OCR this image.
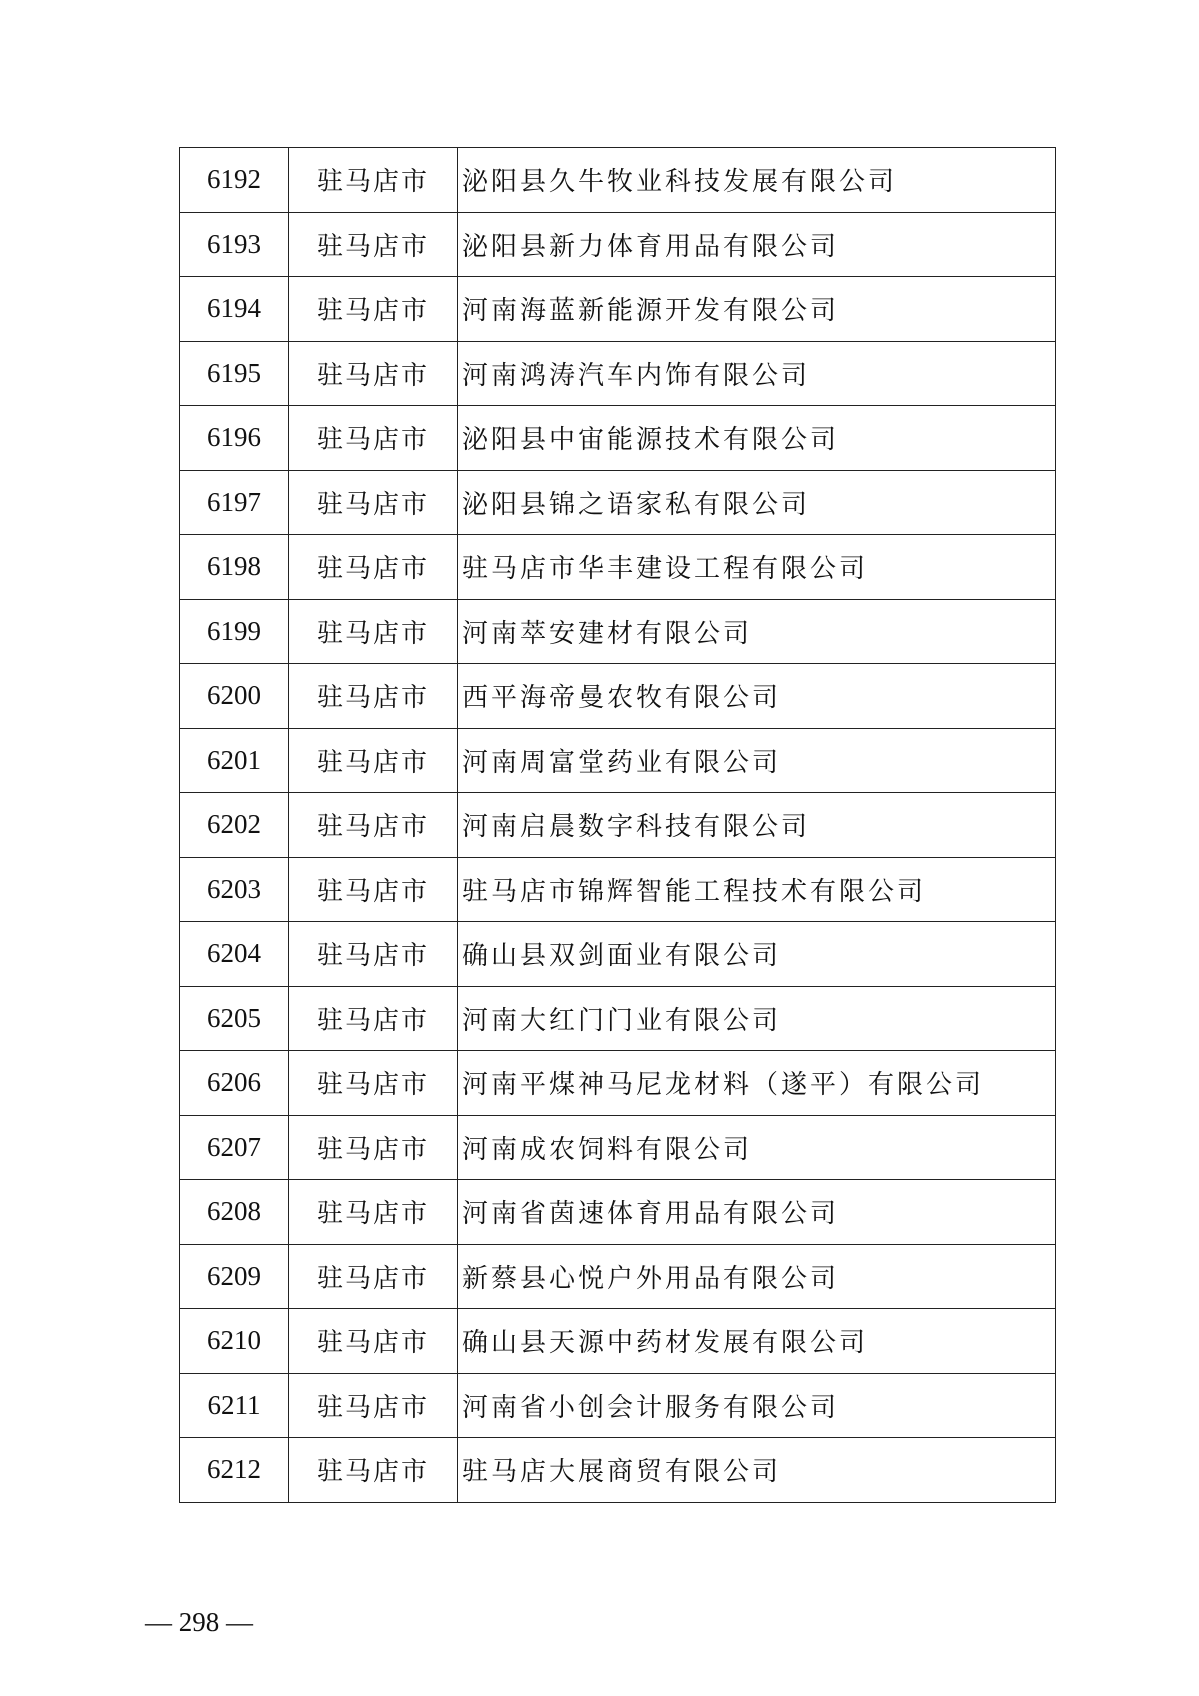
6192	驻马店市	泌阳县久牛牧业科技发展有限公司
6193	驻马店市	泌阳县新力体育用品有限公司
6194	驻马店市	河南海蓝新能源开发有限公司
6195	驻马店市	河南鸿涛汽车内饰有限公司
6196	驻马店市	泌阳县中宙能源技术有限公司
6197	驻马店市	泌阳县锦之语家私有限公司
6198	驻马店市	驻马店市华丰建设工程有限公司
6199	驻马店市	河南萃安建材有限公司
6200	驻马店市	西平海帝曼农牧有限公司
6201	驻马店市	河南周富堂药业有限公司
6202	驻马店市	河南启晨数字科技有限公司
6203	驻马店市	驻马店市锦辉智能工程技术有限公司
6204	驻马店市	确山县双剑面业有限公司
6205	驻马店市	河南大红门门业有限公司
6206	驻马店市	河南平煤神马尼龙材料（遂平）有限公司
6207	驻马店市	河南成农饲料有限公司
6208	驻马店市	河南省茵速体育用品有限公司
6209	驻马店市	新蔡县心悦户外用品有限公司
6210	驻马店市	确山县天源中药材发展有限公司
6211	驻马店市	河南省小创会计服务有限公司
6212	驻马店市	驻马店大展商贸有限公司
— 298 —
